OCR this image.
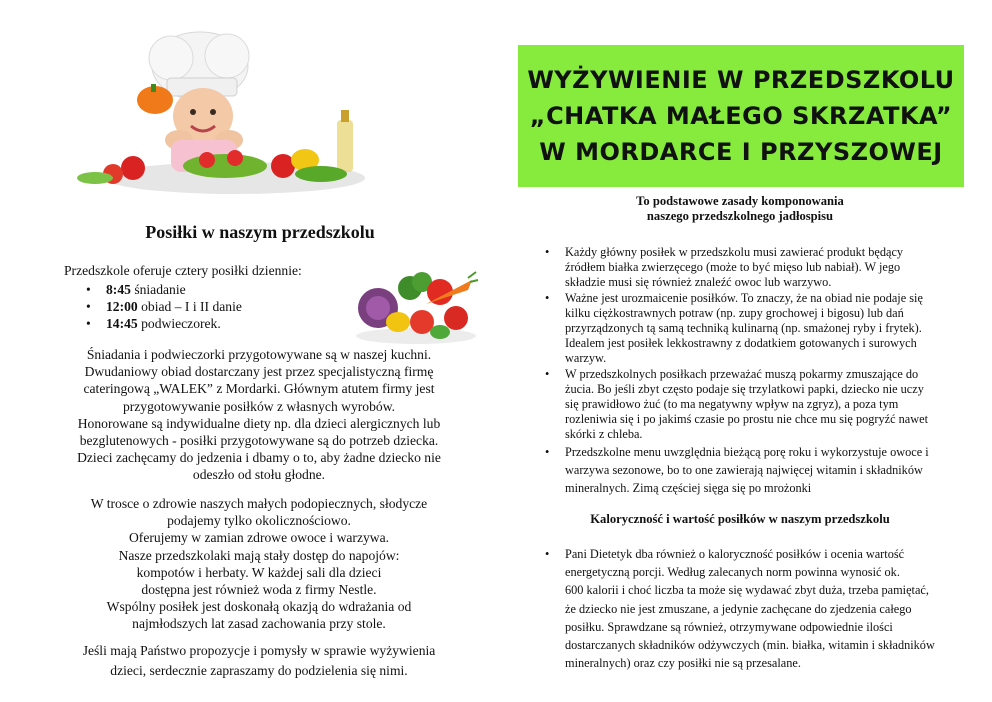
Posiłki w naszym przedszkolu
Przedszkole oferuje cztery posiłki dziennie:
• 8:45 śniadanie
• 12:00 obiad – I i II danie
• 14:45 podwieczorek.
Śniadania i podwieczorki przygotowywane są w naszej kuchni.
Dwudaniowy obiad dostarczany jest przez specjalistyczną firmę
cateringową „WALEK” z Mordarki. Głównym atutem firmy jest
przygotowywanie posiłków z własnych wyrobów.
Honorowane są indywidualne diety np. dla dzieci alergicznych lub
bezglutenowych - posiłki przygotowywane są do potrzeb dziecka.
Dzieci zachęcamy do jedzenia i dbamy o to, aby żadne dziecko nie
odeszło od stołu głodne.
W trosce o zdrowie naszych małych podopiecznych, słodycze
podajemy tylko okolicznościowo.
Oferujemy w zamian zdrowe owoce i warzywa.
Nasze przedszkolaki mają stały dostęp do napojów:
kompotów i herbaty. W każdej sali dla dzieci
dostępna jest również woda z firmy Nestle.
Wspólny posiłek jest doskonałą okazją do wdrażania od
najmłodszych lat zasad zachowania przy stole.
Jeśli mają Państwo propozycje i pomysły w sprawie wyżywienia
dzieci, serdecznie zapraszamy do podzielenia się nimi.
WYŻYWIENIE W PRZEDSZKOLU
„CHATKA MAŁEGO SKRZATKA”
W MORDARCE I PRZYSZOWEJ
To podstawowe zasady komponowania
naszego przedszkolnego jadłospisu
• Każdy główny posiłek w przedszkolu musi zawierać produkt będący
źródłem białka zwierzęcego (może to być mięso lub nabiał). W jego
składzie musi się również znaleźć owoc lub warzywo.
• Ważne jest urozmaicenie posiłków. To znaczy, że na obiad nie podaje się
kilku ciężkostrawnych potraw (np. zupy grochowej i bigosu) lub dań
przyrządzonych tą samą techniką kulinarną (np. smażonej ryby i frytek).
Idealem jest posiłek lekkostrawny z dodatkiem gotowanych i surowych
warzyw.
• W przedszkolnych posiłkach przeważać muszą pokarmy zmuszające do
żucia. Bo jeśli zbyt często podaje się trzylatkowi papki, dziecko nie uczy
się prawidłowo żuć (to ma negatywny wpływ na zgryz), a poza tym
rozleniwia się i po jakimś czasie po prostu nie chce mu się pogryźć nawet
skórki z chleba.
• Przedszkolne menu uwzględnia bieżącą porę roku i wykorzystuje owoce i
warzywa sezonowe, bo to one zawierają najwięcej witamin i składników
mineralnych. Zimą częściej sięga się po mrożonki
Kaloryczność i wartość posiłków w naszym przedszkolu
• Pani Dietetyk dba również o kaloryczność posiłków i ocenia wartość
energetyczną porcji. Według zalecanych norm powinna wynosić ok.
600 kalorii i choć liczba ta może się wydawać zbyt duża, trzeba pamiętać,
że dziecko nie jest zmuszane, a jedynie zachęcane do zjedzenia całego
posiłku. Sprawdzane są również, otrzymywane odpowiednie ilości
dostarczanych składników odżywczych (min. białka, witamin i składników
mineralnych) oraz czy posiłki nie są przesalane.
